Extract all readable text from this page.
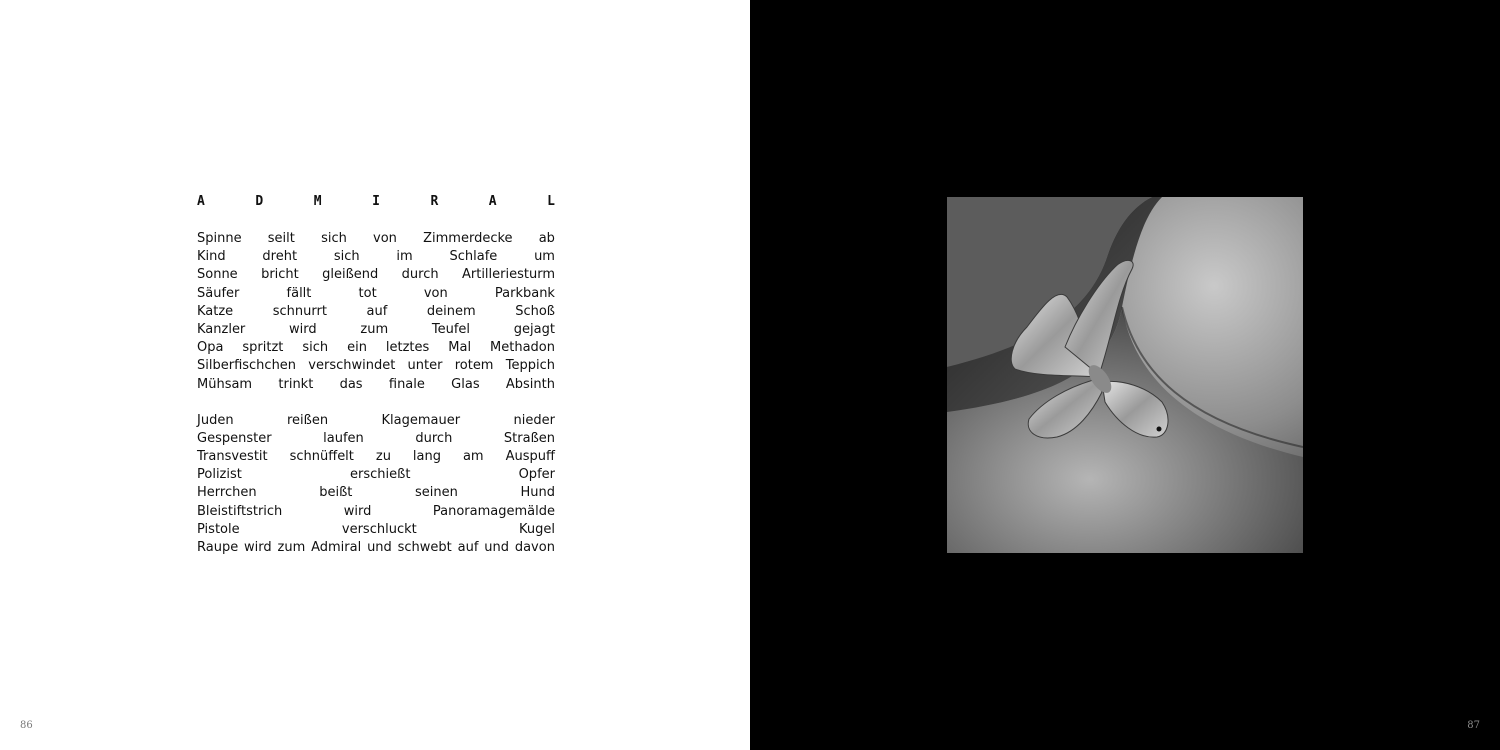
A	D	M	I	R	A	L
Spinne seilt sich von Zimmerdecke ab
Kind	dreht	sich	im	Schlafe	um
Sonne bricht gleißend durch Artilleriesturm
Säufer	fällt	tot	von	Parkbank
Katze	schnurrt	auf	deinem	Schoß
Kanzler	wird	zum	Teufel	gejagt
Opa spritzt sich ein letztes Mal Methadon
Silberfischchen verschwindet unter rotem Teppich
Mühsam trinkt das finale Glas Absinth
Juden	reißen	Klagemauer	nieder
Gespenster	laufen	durch	Straßen
Transvestit schnüffelt zu lang am Auspuff
Polizist	erschießt	Opfer
Herrchen	beißt	seinen	Hund
Bleistiftstrich	wird	Panoramagemälde
Pistole	verschluckt	Kugel
Raupe wird zum Admiral und schwebt auf und davon
86	87
